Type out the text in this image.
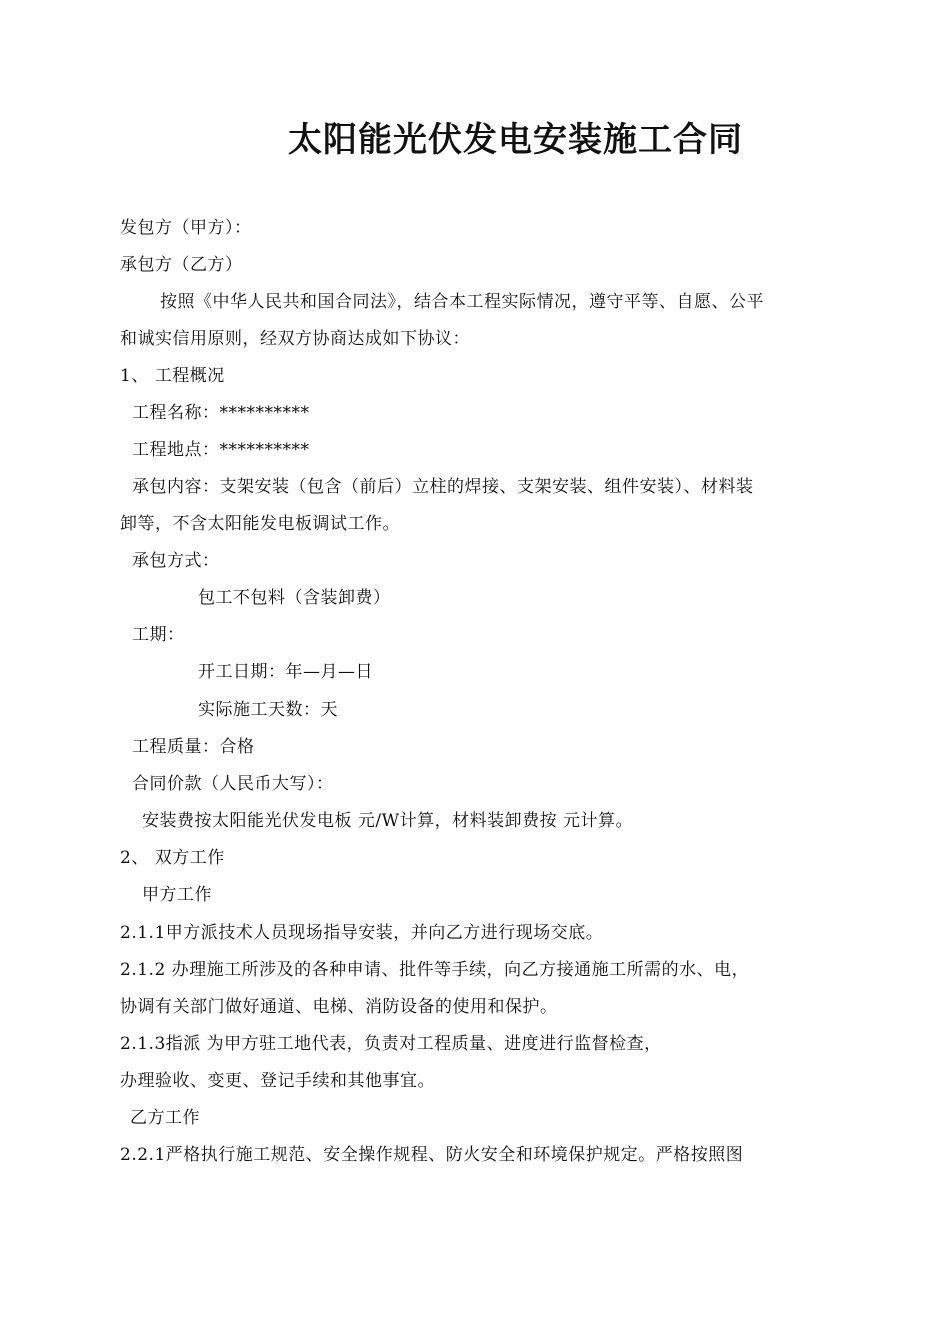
太阳能光伏发电安装施工合同
发包方（甲方）：
承包方（乙方）
按照《中华人民共和国合同法》，结合本工程实际情况，遵守平等、自愿、公平
和诚实信用原则，经双方协商达成如下协议：
1、 工程概况
工程名称：**********
工程地点：**********
承包内容：支架安装（包含（前后）立柱的焊接、支架安装、组件安装）、材料装
卸等，不含太阳能发电板调试工作。
承包方式：
包工不包料（含装卸费）
工期：
开工日期：年—月—日
实际施工天数：天
工程质量：合格
合同价款（人民币大写）：
安装费按太阳能光伏发电板 元/W计算，材料装卸费按 元计算。
2、 双方工作
甲方工作
2.1.1甲方派技术人员现场指导安装，并向乙方进行现场交底。
2.1.2 办理施工所涉及的各种申请、批件等手续，向乙方接通施工所需的水、电，
协调有关部门做好通道、电梯、消防设备的使用和保护。
2.1.3指派 为甲方驻工地代表，负责对工程质量、进度进行监督检查，
办理验收、变更、登记手续和其他事宜。
乙方工作
2.2.1严格执行施工规范、安全操作规程、防火安全和环境保护规定。严格按照图
